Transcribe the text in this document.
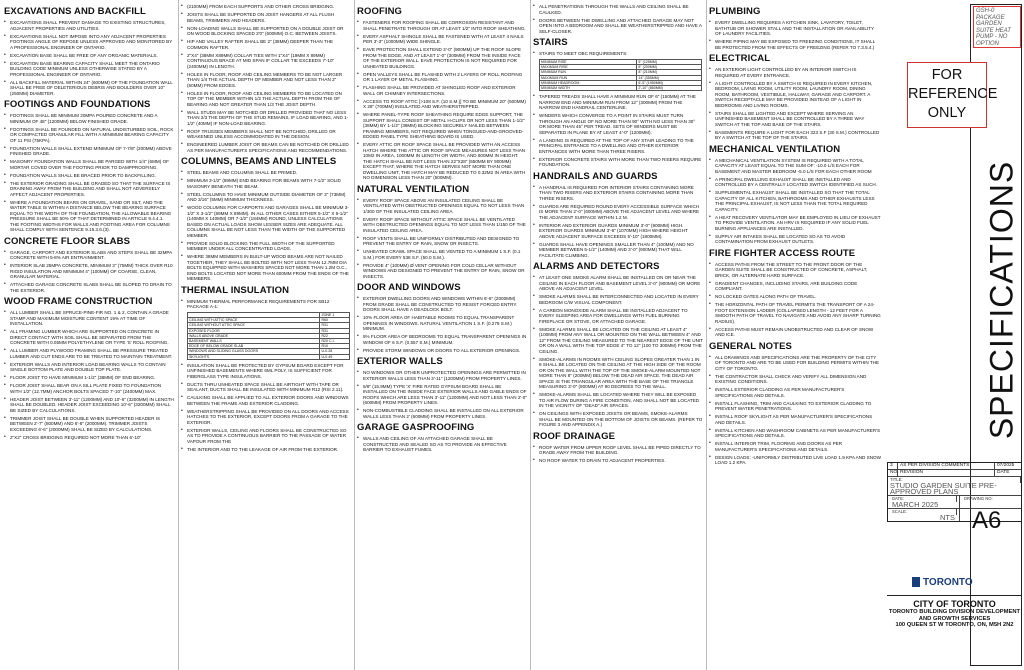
EXCAVATIONS AND BACKFILL

• EXCAVATIONS SHALL PREVENT DAMAGE TO EXISTING STRUCTURES, ADJACENT PROPERTIES AND UTILITIES.

• EXCAVATIONS SHALL NOT IMPOSE INTO ANY ADJACENT PROPERTIES FOOTINGS ANGLE OF REPOSE UNLESS APPROVED AND MONITORED BY A PROFESSIONAL ENGINEER OF ONTARIO.

• EXCAVATION BASE SHALL BE FREE OF ANY ORGANIC MATERIALS.

• EXCAVATION BASE BEARING CAPACITY SHALL MEET THE ONTARIO BUILDING CODE MINIMUM UNLESS OTHERWISE STATED BY A PROFESSIONAL ENGINEER OF ONTARIO.

• ALL BACKFILL MATERIAL WITHIN 24" (600MM) OF THE FOUNDATION WALL SHALL BE FREE OF DELETERIOUS DEBRIS AND BOULDERS OVER 10" (250MM) DIAMETER.

FOOTINGS AND FOUNDATIONS

• FOOTINGS SHALL BE MINIMUM 20MPA POURED CONCRETE AND A MINIMUM OF 48" (1200MM) BELOW FINISHED GRADE.

• FOOTINGS SHALL BE FOUNDED ON NATURAL UNDISTURBED SOIL, ROCK OR COMPACTED GRANULAR FILL WITH A MINIMUM BEARING CAPACITY OF 11 PSI (75KPA).

• FOUNDATION WALLS SHALL EXTEND MINIMUM OF 7-7/8" (200MM) ABOVE FINISHED GRADE.

• MASONRY FOUNDATION WALLS SHALL BE PARGED WITH 1/4" (6MM) OF MORTAR COVED OVER THE FOOTING PRIOR TO DAMPPROOFING.

• FOUNDATION WALLS SHALL BE BRACED PRIOR TO BACKFILLING.

• THE EXTERIOR GRADING SHALL BE GRADED SO THAT THE SURFACE IS DRAINING AWAY FROM THE BUILDING AND SHALL NOT ADVERSELY AFFECT ADJACENT PROPERTIES.

• WHERE A FOUNDATION BEARS ON GRAVEL, SAND OR SILT, AND THE WATER TABLE IS WITHIN A DISTANCE BELOW THE BEARING SURFACE EQUAL TO THE WIDTH OF THE FOUNDATION, THE ALLOWABLE BEARING PRESSURE SHALL BE 50% OF THAT DETERMINED IN ARTICLE 9.4.4.1. THE FOOTING WIDTHS FOR WALLS AND FOOTING AREA FOR COLUMNS SHALL COMPLY WITH SENTENCE 9.15.3.6.(3).

CONCRETE FLOOR SLABS

• GARAGE, CARPORT AND EXTERIOR SLABS AND STEPS SHALL BE 32MPA CONCRETE WITH 5-8% AIR ENTRAINMENT.

• INTERIOR SLAB 25MPA CONCRETE, MINIMUM 3" (75MM) THICK OVER R10 RIGID INSULATION AND MINIMUM 4" (100MM) OF COARSE, CLEAN, GRANULAR MATERIAL.

• ATTACHED GARAGE CONCRETE SLABS SHALL BE SLOPED TO DRAIN TO THE EXTERIOR.

WOOD FRAME CONSTRUCTION

• ALL LUMBER SHALL BE SPRUCE-PINE-FIR NO. 1 & 2, CONTAIN A GRADE STAMP AND MAXIMUM MOISTURE CONTENT 19% AT TIME OF INSTALLATION.

• ALL FRAMING LUMBER WHICH ARE SUPPORTED ON CONCRETE IN DIRECT CONTACT WITH SOIL SHALL BE SEPARATED FROM THE CONCRETE WITH 0.05MM POLYETHYLENE OR TYPE 'S' ROLL ROOFING.

• ALL LUMBER AND PLYWOOD FRAMING SHALL BE PRESSURE TREATED LUMBER AND CUT ENDS ARE TO BE TREATED TO MAINTAIN TREATMENT.

• EXTERIOR WALLS AND INTERIOR LOAD BEARING WALLS TO CONTAIN SINGLE BOTTOM PLATE AND DOUBLE TOP PLATE.

• FLOOR JOIST TO HAVE MINIMUM 1-1/2" (38MM) OF END BEARING.

• FLOOR JOIST SHALL BEAR ON A SILL PLATE FIXED TO FOUNDATION WITH 1/2" (12.7MM) ANCHOR BOLTS SPACED 7'-10" (2400MM) MAX.

• HEADER JOIST BETWEEN 3'-11" (1200MM) AND 10'-6" (3200MM) IN LENGTH SHALL BE DOUBLED. HEADER JOIST EXCEEDING 10'-6" (3200MM) SHALL BE SIZED BY CALCULATIONS.

• TRIMMER JOIST SHALL BE DOUBLE WHEN SUPPORTED HEADER IS BETWEEN 2'-7" (800MM) AND 6'-6" (2000MM). TRIMMER JOISTS EXCEEDING 6'-6" (2000MM) SHALL BE SIZED BY CALCULATIONS.

• 2"X2" CROSS BRIDGING REQUIRED NOT MORE THAN 6'-10"

• (2100MM) FROM EACH SUPPORTS AND OTHER CROSS BRIDGING.

• JOISTS SHALL BE SUPPORTED ON JOIST HANGERS AT ALL FLUSH BEAMS, TRIMMERS AND HEADERS.

• NON-LOADING WALLS SHALL BE SUPPORTED ON A DOUBLE JOIST OR ON WOOD BLOCKING SPACED 2'0" (600MM) O.C. BETWEEN JOISTS.

• HIP AND VALLEY RAFTER SHALL BE 2" (38MM) DEEPER THAN THE COMMON RAFTER.

• 2"X4" (38MM X89MM) COLLAR TIES WITH 1"X4" (19MM X 89MM) CONTINUOUS BRACE AT MID SPAN IF COLLAR TIE EXCEEDS 7'-10" (2400MM) IN LENGTH.

• HOLES IN FLOOR, ROOF AND CEILING MEMBERS TO BE NOT LARGER THAN 1/4 THE ACTUAL DEPTH OF MEMBER AND NOT LESS THAN 2" (50MM) FROM EDGES.

• HOLES IN FLOOR, ROOF AND CEILING MEMBERS TO BE LOCATED ON TOP OF THE MEMBER WITHIN 1/2 THE ACTUAL DEPTH FROM THE OF BEARING AND NOT GREATER THAN 1/3 THE JOIST DEPTH.

• WALL STUDS MAY BE NOTCHED OR DRILLED PROVIDED THAT NO LESS THAN 2/3 THE DEPTH OF THE STUD REMAINS, IF LOAD BEARING, AND 1-1/2" (40MM) IF NON-LOAD BEARING.

• ROOF TRUSSES MEMBERS SHALL NOT BE NOTCHED, DRILLED OR WEAKENED UNLESS ACCOMMODATED IN THE DESIGN.

• ENGINEERED LUMBER JOIST OR BEAMS CAN BE NOTCHED OR DRILLED AS PER MANUFACTURER'S SPECIFICATIONS AND RECOMMENDATIONS.

COLUMNS, BEAMS AND LINTELS

• STEEL BEAMS AND COLUMNS SHALL BE PRIMED.

• MINIMUM 3-1/2" (89MM) END BEARING FOR BEAMS WITH 7-1/2" SOLID MASONRY BENEATH THE BEAM.

• STEEL COLUMNS TO HAVE MINIMUM OUTSIDE DIAMETER OF 3" (73MM) AND 3/16" (5MM) MINIMUM THICKNESS.

• WOOD COLUMNS FOR CARPORTS AND GARAGES SHALL BE MINIMUM 3-1/2" X 3-1/2" (89MM X 89MM). IN ALL OTHER CASES EITHER 5-1/2" X 5-1/2" (140MM X 140MM) OR 7-1/2" (184MM) ROUND, UNLESS CALCULATIONS BASED ON ACTUAL LOADS SHOW LESSER SIZES ARE ADEQUATE. ALL COLUMNS SHALL BE NOT LESS THAN THE WIDTH OF THE SUPPORTED MEMBER.

• PROVIDE SOLID BLOCKING THE FULL WIDTH OF THE SUPPORTED MEMBER UNDER ALL CONCENTRATED LOADS.

• WHERE 38MM MEMBERS IN BUILT-UP WOOD BEAMS ARE NOT NAILED TOGETHER, THEY SHALL BE BOLTED WITH NOT LESS THAN 12.7MM DIA BOLTS EQUIPPED WITH WASHERS SPACED NOT MORE THAN 1.2M O.C., END BOLTS LOCATED NOT MORE THAN 600MM FROM THE ENDS OF THE MEMBERS.

THERMAL INSULATION

• MINIMUM THERMAL PERFORMANCE REQUIREMENTS FOR SB12 PACKAGE A-1:

	ZONE 1
CEILING WITH ATTIC SPACE	R60
CEILING WITHOUT ATTIC SPACE	R31
EXPOSED FLOOR	R31
WALLS ABOVE GRADE	R22
BASEMENT WALLS	R20 C.I.
EDGE OF BELOW GRADE SLAB	R10
WINDOWS AND SLIDING GLASS DOORS	U-0.28
SKYLIGHTS	U-0.49

• INSULATION SHALL BE PROTECTED BY GYPSUM BOARD EXCEPT FOR UNFINISHED BASEMENTS WHERE 6ML POLY, IS SUFFICIENT FOR FIBERGLASS TYPE INSULATIONS.

• DUCTS THRU UNHEATED SPACE SHALL BE AIRTIGHT WITH TAPE OR SEALANT, DUCTS SHALL BE INSULATED WITH MINIMUM R12 (RSI 2.11).

• CAULKING SHALL BE APPLIED TO ALL EXTERIOR DOORS AND WINDOWS BETWEEN THE FRAME AND EXTERIOR CLADDING.

• WEATHERSTRIPPING SHALL BE PROVIDED ON ALL DOORS AND ACCESS HATCHES TO THE EXTERIOR, EXCEPT DOORS FROM A GARAGE TO THE EXTERIOR.

• EXTERIOR WALLS, CEILING AND FLOORS SHALL BE CONSTRUCTED SO AS TO PROVIDE A CONTINUOUS BARRIER TO THE PASSAGE OF WATER VAPOUR FROM THE

• THE INTERIOR AND TO THE LEAKAGE OF AIR FROM THE EXTERIOR.

ROOFING

• FASTENERS FOR ROOFING SHALL BE CORROSION RESISTANT AND SHALL PENETRATE THROUGH OR AT LEAST 1/2" INTO ROOF SHEATHING.

• EVERY ASPHALT SHINGLE SHALL BE FASTENED WITH AT LEAST 4 NAILS PER 3'-3" (1000MM) WIDE SHINGLE.

• EAVE PROTECTION SHALL EXTEND 3'-0" (900MM) UP THE ROOF SLOPE FROM THE EDGE, AND AT LEAST 1'-0" (300MM) FROM THE INSIDE FACE OF THE EXTERIOR WALL. EAVE PROTECTION IS NOT REQUIRED FOR UNHEATED BUILDINGS.

• OPEN VALLEYS SHALL BE FLASHED WITH 2 LAYERS OF ROLL ROOFING OR 1 LAYER OF METAL FLASHING.

• FLASHING SHALL BE PROVIDED AT SHINGLED ROOF AND EXTERIOR WALL OR CHIMNEY INTERSECTIONS.

• ACCESS TO ROOF ATTIC [>108 S.F. (10 S.M.)] TO BE MINIMUM 20" (500MM) X 28" (700MM) INSULATED AND WEATHERSTRIPPED.

• WHERE PANEL-TYPE ROOF SHEATHING REQUIRE EDGE SUPPORT, THE SUPPORT SHALL CONSIST OF METAL H-CLIPS OR NOT LESS THAN 1-1/2" (38MM) BY 1-1/2" (38MM) BLOCKING SECURELY NAILED BETWEEN FRAMING MEMBERS, NOT REQUIRED WHEN TONGUED-AND-GROOVED-EDGED PANEL TYPE SHEATHING BOARD IS USED.

• EVERY ATTIC OR ROOF SPACE SHALL BE PROVIDED WITH AN ACCESS HATCH WHERE THE ATTIC OR ROOF SPACE MEASURES NOT LESS THAN 10M2 IN AREA, 1000MM IN LENGTH OR WIDTH, AND 600MM IN HEIGHT. THE HATCH SHALL BE NOT LESS THAN 22"X28" (550MM BY 900MM) EXCEPT THAT, WHERE THE HATCH SERVES NOT MORE THAN ONE DWELLING UNIT, THE HATCH MAY BE REDUCED TO 0.32M2 IN AREA WITH NO DIMENSION LESS THAN 20" (500MM).

NATURAL VENTILATION

• EVERY ROOF SPACE ABOVE AN INSULATED CEILING SHALL BE VENTILATED WITH OBSTRUCTED OPENINGS EQUAL TO NOT LESS THAN 1/300 OF THE INSULATED CEILING AREA.

• EVERY ROOF SPACE WITHOUT ATTIC SPACE SHALL BE VENTILATED WITH OBSTRUCTED OPENINGS EQUAL TO NOT LESS THAN 1/150 OF THE INSULATED CEILING AREA.

• ROOF VENTS SHALL BE UNIFORMLY DISTRIBUTED AND DESIGNED TO PREVENT THE ENTRY OF RAIN, SNOW OR INSECTS.

• UNHEATED CRAWL SPACE SHALL BE VENTED TO A MINIMUM 1 S.F. (0.1 S.M.) FOR EVERY 538 S.F. (50.0 S.M.).

• PROVIDE 4" (100MM) Ø VENT OPENING FOR COLD CELLAR WITHOUT WINDOWS AND DESIGNED TO PREVENT THE ENTRY OF RAIN, SNOW OR INSECTS.

DOOR AND WINDOWS

• EXTERIOR DWELLING DOORS AND WINDOWS WITHIN 6'-6" (2000MM) FROM GRADE SHALL BE CONSTRUCTED TO RESIST FORCED ENTRY. DOORS SHALL HAVE A DEADLOCK BOLT.

• 10% FLOOR AREA OF HABITABLE ROOMS TO EQUAL TRANSPARENT OPENINGS IN WINDOWS. NATURAL VENTILATION 1 S.F. (0.279 S.M.) MINIMUM.

• 5% FLOOR AREA OF BEDROOMS TO EQUAL TRANSPARENT OPENINGS IN WINDOW OF 6 S.F. (0.557 S.M.) MINIMUM.

• PROVIDE STORM WINDOWS OR DOORS TO ALL EXTERIOR OPENINGS.

EXTERIOR WALLS

• NO WINDOWS OR OTHER UNPROTECTED OPENINGS ARE PERMITTED IN EXTERIOR WALLS LESS THAN 3'-11" (1200MM) FROM PROPERTY LINES.

• 5/8" (15.9MM) TYPE 'X' FIRE RATED GYPSUM BOARD SHALL BE INSTALLED ON THE INSIDE FACE EXTERIOR WALLS AND GABLE ENDS OF ROOFS WHICH ARE LESS THAN 3'-11" (1200MM) AND NOT LESS THAN 2'-0" (600MM) FROM PROPERTY LINES.

• NON-COMBUSTIBLE CLADDING SHALL BE INSTALLED ON ALL EXTERIOR WALLS LESS THAN 2' (600MM) FROM PROPERTY LINES.

GARAGE GASPROOFING

• WALLS AND CEILING OF AN ATTACHED GARAGE SHALL BE CONSTRUCTED AND SEALED SO AS TO PROVIDE AN EFFECTIVE BARRIER TO EXHAUST FUMES.

• ALL PENETRATIONS THROUGH THE WALLS AND CEILING SHALL BE CAULKED.

• DOORS BETWEEN THE DWELLING AND ATTACHED GARAGE MAY NOT OPEN INTO A BEDROOM AND SHALL BE WEATHERSTRIPPED AND HAVE A SELF-CLOSER.

STAIRS

• STAIRS TO MEET OBC REQUIREMENTS:

MINIMUM RISE	5" (125MM)
MAXIMUM RISE	8" (200MM)
MINIMUM RUN	8" (210MM)
MAXIMUM RUN	14" (355MM)
MINIMUM HEADROOM	6'-5" (1950MM)
MINIMUM WIDTH	2'-10" (860MM)

• TAPERED TREADS SHALL HAVE A MINIMUM RUN OF 6" (150MM) AT THE NARROW END AND MINIMUM RUN FROM 12" (300MM) FROM THE NARROW END HANDRAIL CENTERLINE.

• WINDERS WHICH CONVERGE TO A POINT IN STAIRS MUST TURN THROUGH AN ANGLE OF NO MORE THAN 90° WITH NO LESS THAN 30° OR MORE THAN 45° PER TREAD. SETS OF WINDERS MUST BE SEPARATED IN PLANE BY AT LEAST 4'-0" (1200MM).

• A LANDING IS REQUIRED AT THE TOP OF ANY STAIR LEADING TO THE PRINCIPAL ENTRANCE TO A DWELLING AND OTHER EXTERIOR ENTRANCES WITH MORE THAN THREE RISERS.

• EXTERIOR CONCRETE STAIRS WITH MORE THAN TWO RISERS REQUIRE FOUNDATION.

HANDRAILS AND GUARDS

• A HANDRAIL IS REQUIRED FOR INTERIOR STAIRS CONTAINING MORE THAN TWO RISERS AND EXTERIOR STAIRS CONTAINING MORE THAN THREE RISERS.

• GUARDS ARE REQUIRED ROUND EVERY ACCESSIBLE SURFACE WHICH IS MORE THAN 2'-0" (600MM) ABOVE THE ADJACENT LEVEL AND WHERE THE ADJACENT SURFACE WITHIN 1.2 M.

• INTERIOR AND EXTERIOR GUARDS MINIMUM 3'-0" (900MM) HIGH. EXTERIOR GUARDS MINIMUM 3'-6" (1070MM) HIGH WHERE HEIGHT ABOVE ADJACENT SURFACE EXCEEDS 5'-10" (1800MM).

• GUARDS SHALL HAVE OPENINGS SMALLER THAN 4" (100MM) AND NO MEMBER BETWEEN 5-1/2" (140MM) AND 3'-0" (900MM) THAT WILL FACILITATE CLIMBING.

ALARMS AND DETECTORS

• AT LEAST ONE SMOKE ALARM SHALL BE INSTALLED ON OR NEAR THE CEILING IN EACH FLOOR AND BASEMENT LEVEL 3'-0" (900MM) OR MORE ABOVE AN ADJACENT LEVEL.

• SMOKE ALARMS SHALL BE INTERCONNECTED AND LOCATED IN EVERY BEDROOM C/W VISUAL COMPONENT.

• A CARBON MONOXIDE ALARM SHALL BE INSTALLED ADJACENT TO EVERY SLEEPING AREA FOR DWELLINGS WITH FUEL BURNING FIREPLACE OR STOVE, OR ATTACHED GARAGE.

• SMOKE ALARMS SHALL BE LOCATED ON THE CEILING AT LEAST 4" (100MM) FROM ANY WALL OR MOUNTED ON THE WALL BETWEEN 4" AND 12" FROM THE CEILING MEASURED TO THE NEAREST EDGE OF THE UNIT OR ON A WALL WITH THE TOP EDGE 4" TO 12" (100 TO 300MM) FROM THE CEILING.

• SMOKE-ALARMS IN ROOMS WITH CEILING SLOPES GREATER THAN 1 IN 8 SHALL BE LOCATED ON THE CEILING AT THE HIGH SIDE OF THE ROOM OR ON THE WALL WITH THE TOP OF THE SMOKE-ALARM MOUNTED NOT MORE THAN 8" (200MM) BELOW THE DEAD AIR SPACE. THE DEAD AIR SPACE IS THE TRIANGULAR AREA WITH THE BASE OF THE TRIANGLE MEASURING 3'-0" (900MM) AT 90 DEGREES TO THE WALL.

• SMOKE-ALARMS SHALL BE LOCATED WHERE THEY WILL BE EXPOSED TO AIR FLOW DURING A FIRE CONDITION, AND SHALL NOT BE LOCATED IN THE VICINITY OF "DEAD" AIR SPACES.

• ON CEILINGS WITH EXPOSED JOISTS OR BEAMS, SMOKE-ALARMS SHALL BE MOUNTED ON THE BOTTOM OF JOISTS OR BEAMS. (REFER TO FIGURE 3 AND APPENDIX A.)

ROOF DRAINAGE

• ROOF WATER FROM UPPER ROOF LEVEL SHALL BE PIPED DIRECTLY TO GRADE AWAY FROM THE BUILDING.

• NO ROOF WATER TO DRAIN TO ADJACENT PROPERTIES.

PLUMBING

• EVERY DWELLING REQUIRES A KITCHEN SINK, LAVATORY, TOILET, BATHTUB OR SHOWER STALL AND THE INSTALLATION OR AVAILABILITY OF LAUNDRY FACILITIES.

• WHERE PIPING MAY BE EXPOSED TO FREEZING CONDITIONS, IT SHALL BE PROTECTED FROM THE EFFECTS OF FREEZING (REFER TO 7.3.5.4.)

ELECTRICAL

• AN EXTERIOR LIGHT CONTROLLED BY AN INTERIOR SWITCH IS REQUIRED AT EVERY ENTRANCE.

• A LIGHT CONTROLLED BY A SWITCH IS REQUIRED IN EVERY KITCHEN, BEDROOM, LIVING ROOM, UTILITY ROOM, LAUNDRY ROOM, DINING ROOM, BATHROOM, VESTIBULE, HALLWAY, GARAGE AND CARPORT. A SWITCH RECEPTACLE MAY BE PROVIDED INSTEAD OF A LIGHT IN BEDROOMS AND LIVING ROOMS.

• STAIRS SHALL BE LIGHTED AND EXCEPT WHERE SERVING AN UNFINISHED BASEMENT SHALL BE CONTROLLED BY A THREE WAY SWITCH AT THE TOP AND BASE OF THE STAIRS.

• BASEMENTS REQUIRE A LIGHT FOR EACH 323 S.F (30 S.M.) CONTROLLED BY A SWITCH AT THE TOP OF THE STAIRS.

MECHANICAL VENTILATION

• A MECHANICAL VENTILATION SYSTEM IS REQUIRED WITH A TOTAL CAPACITY AT LEAST EQUAL TO THE SUM OF: -10.0 L/S EACH FOR BASEMENT AND MASTER BEDROOM -5.0 L/S FOR EACH OTHER ROOM

• A PRINCIPAL DWELLING EXHAUST SHALL BE INSTALLED AND CONTROLLED BY A CENTRALLY LOCATED SWITCH IDENTIFIED AS SUCH.

• SUPPLEMENTAL EXHAUST SHALL BE INSTALLED SO THAT THE TOTAL CAPACITY OF ALL KITCHEN, BATHROOMS AND OTHER EXHAUSTS LESS THE PRINCIPAL EXHAUST, IS NOT LESS THAN THE TOTAL REQUIRED CAPACITY.

• A HEAT RECOVERY VENTILATOR MAY BE EMPLOYED IN LIEU OF EXHAUST TO PROVIDE VENTILATION. AN HRV IS REQUIRED IF ANY SOLID FUEL BURNING APPLIANCES ARE INSTALLED.

• SUPPLY AIR INTAKES SHALL BE LOCATED SO AS TO AVOID CONTAMINATION FROM EXHAUST OUTLETS.

FIRE FIGHTER ACCESS ROUTE

• ACCESS PATHS FROM THE STREET TO THE FRONT DOOR OF THE GARDEN SUITE SHALL BE CONSTRUCTED OF CONCRETE, ASPHALT, BRICK, OR ALTERNATE HARD SURFACE.

• GRADIENT CHANGES, INCLUDING STAIRS, ARE BUILDING CODE COMPLIANT.

• NO LOCKED GATES ALONG PATH OF TRAVEL.

• THE HORIZONTAL PATH OF TRAVEL PERMITS THE TRANSPORT OF A 24-FOOT EXTENSION LADDER (COLLAPSED LENGTH - 12 FEET FOR A SMOOTH PATH OF TRAVEL TO NAVIGATE AND AVOID ANY SHARP TURNING RADIUS).

• ACCESS PATHS MUST REMAIN UNOBSTRUCTED AND CLEAR OF SNOW AND ICE.

GENERAL NOTES

• ALL DRAWINGS AND SPECIFICATIONS ARE THE PROPERTY OF THE CITY OF TORONTO AND ARE TO BE USED FOR BUILDING PERMITS WITHIN THE CITY OF TORONTO.

• THE CONTRACTOR SHALL CHECK AND VERIFY ALL DIMENSION AND EXISTING CONDITIONS.

• INSTALL EXTERIOR CLADDING AS PER MANUFACTURER'S SPECIFICATIONS AND DETAILS.

• INSTALL FLASHING, TRIM AND CAULKING TO EXTERIOR CLADDING TO PREVENT WATER PENETRATIONS.

• INSTALL ROOF SKYLIGHT AS PER MANUFACTURER'S SPECIFICATIONS AND DETAILS.

• INSTALL KITCHEN AND WASHROOM CABINETS AS PER MANUFACTURER'S SPECIFICATIONS AND DETAILS.

• INSTALL INTERIOR TRIM, FLOORING AND DOORS AS PER MANUFACTURER'S SPECIFICATIONS AND DETAILS.

• DESIGN LOADS: -UNIFORMLY DISTRIBUTED LIVE LOAD 1.9 KPA AND SNOW LOAD 1.2 KPA.

GSH-0 PACKAGE GARDEN SUITE HEAT PUMP - NO OPTION
FOR REFERENCE ONLY
SPECIFICATIONS
3	AS PER DIVISION COMMENTS	07/2025
NO. REVISION	DATE
TITLE:
STUDIO GARDEN SUITE PRE-APPROVED PLANS
DATE:
MARCH 2025
DRAWING NO:
SCALE:
NTS A6
TORONTO
CITY OF TORONTO
TORONTO BUILDING DIVISION DEVELOPMENT AND GROWTH SERVICES
100 QUEEN ST W TORONTO, ON, M5H 2N2
